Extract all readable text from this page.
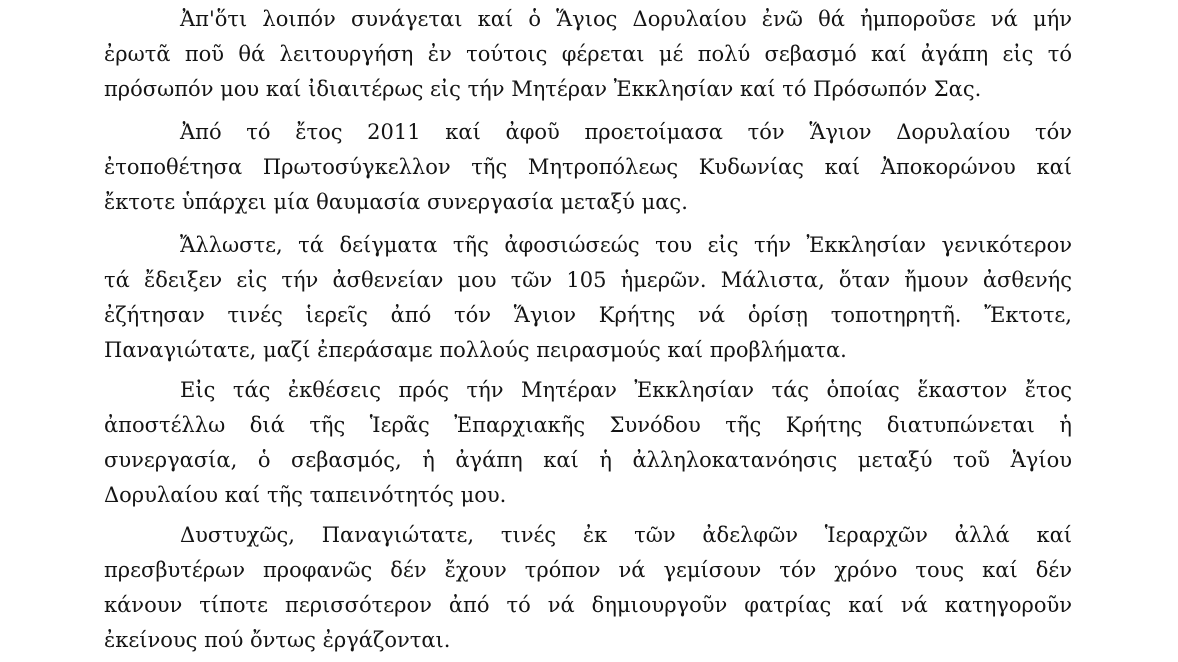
Ἀπ'ὅτι λοιπόν συνάγεται καί ὁ Ἅγιος Δορυλαίου ἐνῶ θά ἠμποροῦσε νά μήν
ἐρωτᾶ ποῦ θά λειτουργήση ἐν τούτοις φέρεται μέ πολύ σεβασμό καί ἀγάπη εἰς τό
πρόσωπόν μου καί ἰδιαιτέρως εἰς τήν Μητέραν Ἐκκλησίαν καί τό Πρόσωπόν Σας.
Ἀπό τό ἔτος 2011 καί ἀφοῦ προετοίμασα τόν Ἅγιον Δορυλαίου τόν
ἐτοποθέτησα Πρωτοσύγκελλον τῆς Μητροπόλεως Κυδωνίας καί Ἀποκορώνου καί
ἔκτοτε ὑπάρχει μία θαυμασία συνεργασία μεταξύ μας.
Ἄλλωστε, τά δείγματα τῆς ἀφοσιώσεώς του εἰς τήν Ἐκκλησίαν γενικότερον
τά ἔδειξεν εἰς τήν ἀσθενείαν μου τῶν 105 ἡμερῶν. Μάλιστα, ὅταν ἤμουν ἀσθενής
ἐζήτησαν τινές ἱερεῖς ἀπό τόν Ἅγιον Κρήτης νά ὁρίσῃ τοποτηρητῆ. Ἔκτοτε,
Παναγιώτατε, μαζί ἐπεράσαμε πολλούς πειρασμούς καί προβλήματα.
Εἰς τάς ἐκθέσεις πρός τήν Μητέραν Ἐκκλησίαν τάς ὁποίας ἕκαστον ἔτος
ἀποστέλλω διά τῆς Ἱερᾶς Ἐπαρχιακῆς Συνόδου τῆς Κρήτης διατυπώνεται ἡ
συνεργασία, ὁ σεβασμός, ἡ ἀγάπη καί ἡ ἀλληλοκατανόησις μεταξύ τοῦ Ἁγίου
Δορυλαίου καί τῆς ταπεινότητός μου.
Δυστυχῶς, Παναγιώτατε, τινές ἐκ τῶν ἀδελφῶν Ἱεραρχῶν ἀλλά καί
πρεσβυτέρων προφανῶς δέν ἔχουν τρόπον νά γεμίσουν τόν χρόνο τους καί δέν
κάνουν τίποτε περισσότερον ἀπό τό νά δημιουργοῦν φατρίας καί νά κατηγοροῦν
ἐκείνους πού ὄντως ἐργάζονται.
